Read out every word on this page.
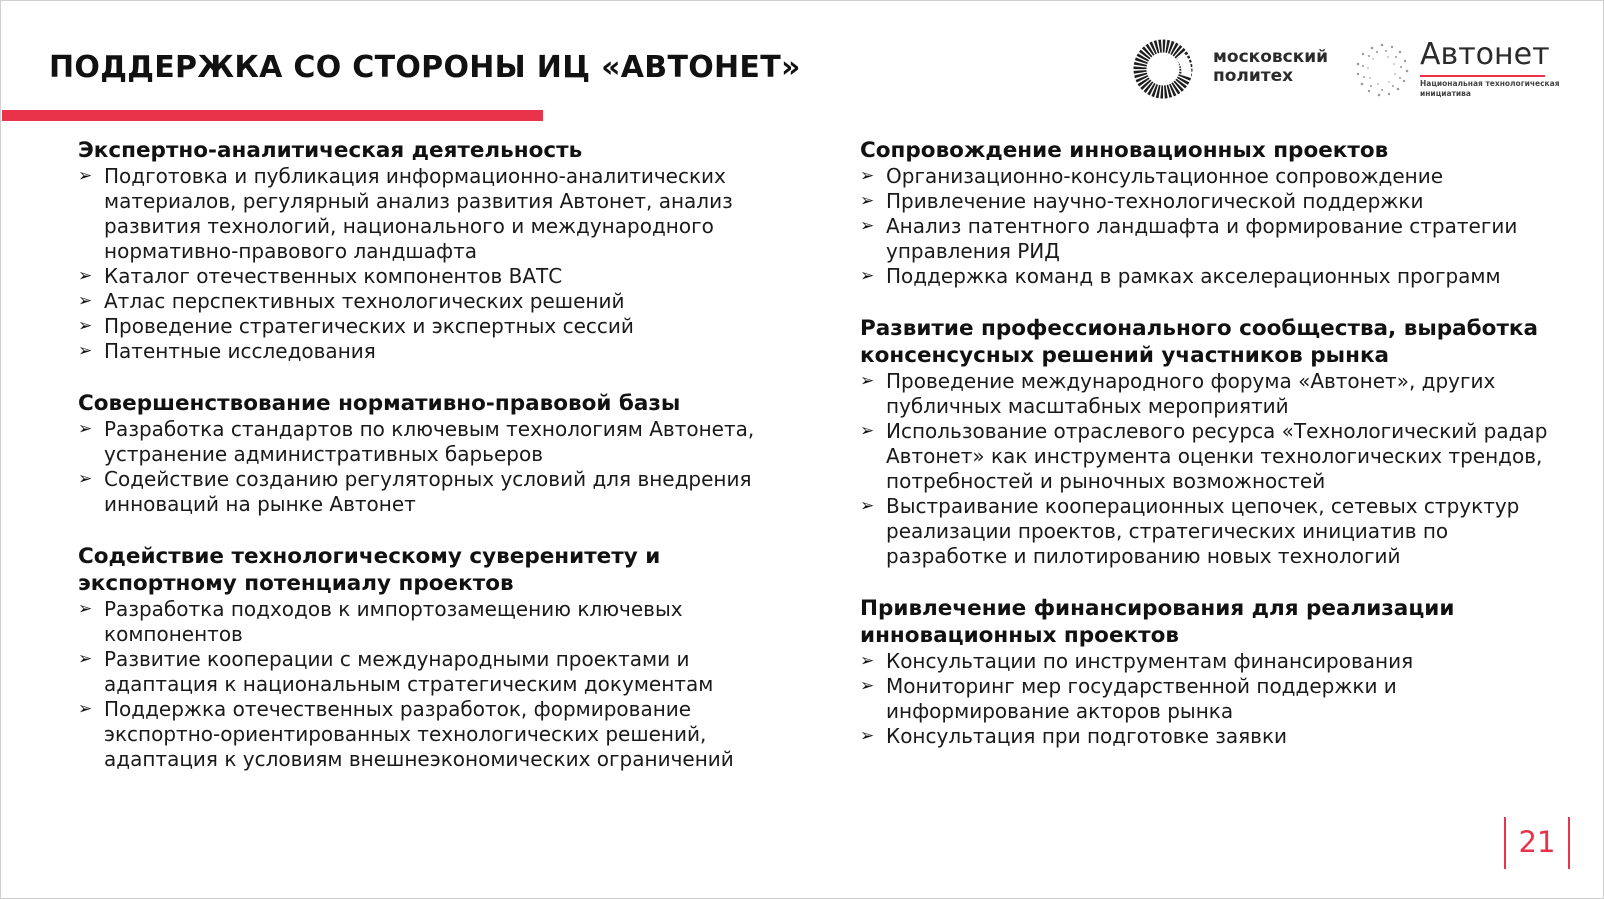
ПОДДЕРЖКА СО СТОРОНЫ ИЦ «АВТОНЕТ»	московский
политех
Автонет
Национальная технологическая
инициатива
Экспертно-аналитическая деятельность
➢ Подготовка и публикация информационно-аналитических материалов, регулярный анализ развития Автонет, анализ развития технологий, национального и международного нормативно-правового ландшафта
➢ Каталог отечественных компонентов ВАТС
➢ Атлас перспективных технологических решений
➢ Проведение стратегических и экспертных сессий
➢ Патентные исследования
Совершенствование нормативно-правовой базы
➢ Разработка стандартов по ключевым технологиям Автонета, устранение административных барьеров
➢ Содействие созданию регуляторных условий для внедрения инноваций на рынке Автонет
Содействие технологическому суверенитету и экспортному потенциалу проектов
➢ Разработка подходов к импортозамещению ключевых компонентов
➢ Развитие кооперации с международными проектами и адаптация к национальным стратегическим документам
➢ Поддержка отечественных разработок, формирование экспортно-ориентированных технологических решений, адаптация к условиям внешнеэкономических ограничений
Сопровождение инновационных проектов
➢ Организационно-консультационное сопровождение
➢ Привлечение научно-технологической поддержки
➢ Анализ патентного ландшафта и формирование стратегии управления РИД
➢ Поддержка команд в рамках акселерационных программ
Развитие профессионального сообщества, выработка консенсусных решений участников рынка
➢ Проведение международного форума «Автонет», других публичных масштабных мероприятий
➢ Использование отраслевого ресурса «Технологический радар Автонет» как инструмента оценки технологических трендов, потребностей и рыночных возможностей
➢ Выстраивание кооперационных цепочек, сетевых структур реализации проектов, стратегических инициатив по разработке и пилотированию новых технологий
Привлечение финансирования для реализации инновационных проектов
➢ Консультации по инструментам финансирования
➢ Мониторинг мер государственной поддержки и информирование акторов рынка
➢ Консультация при подготовке заявки
21
